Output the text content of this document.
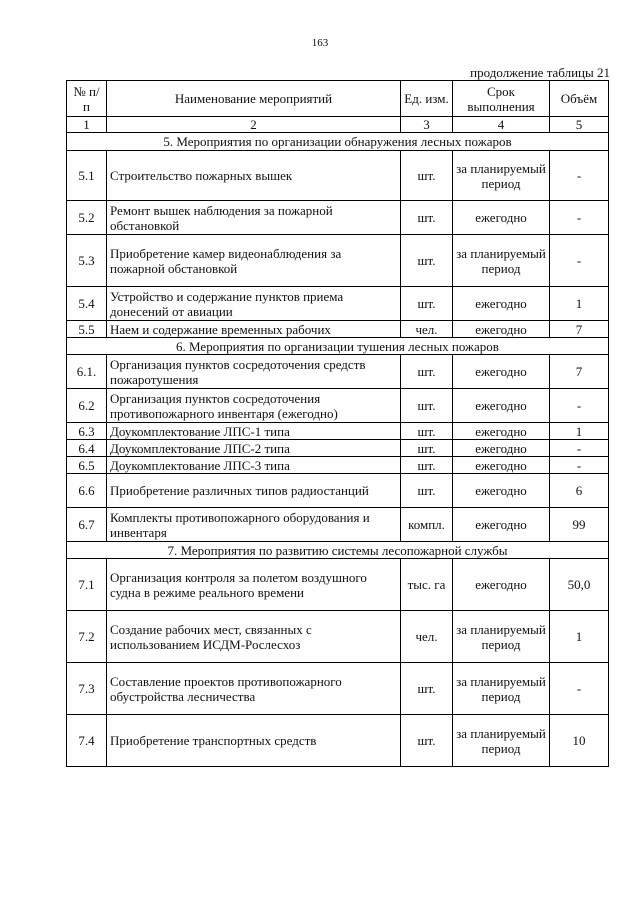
163
продолжение таблицы 21
№ п/п	Наименование мероприятий	Ед. изм.	Срок выполнения	Объём
1	2	3	4	5
5. Мероприятия по организации обнаружения лесных пожаров				
5.1	Строительство пожарных вышек	шт.	за планируемый период	-
5.2	Ремонт вышек наблюдения за пожарной обстановкой	шт.	ежегодно	-
5.3	Приобретение камер видеонаблюдения за пожарной обстановкой	шт.	за планируемый период	-
5.4	Устройство и содержание пунктов приема донесений от авиации	шт.	ежегодно	1
5.5	Наем и содержание временных рабочих	чел.	ежегодно	7
6. Мероприятия по организации тушения лесных пожаров				
6.1.	Организация пунктов сосредоточения средств пожаротушения	шт.	ежегодно	7
6.2	Организация пунктов сосредоточения противопожарного инвентаря (ежегодно)	шт.	ежегодно	-
6.3	Доукомплектование ЛПС-1 типа	шт.	ежегодно	1
6.4	Доукомплектование ЛПС-2 типа	шт.	ежегодно	-
6.5	Доукомплектование ЛПС-3 типа	шт.	ежегодно	-
6.6	Приобретение различных типов радиостанций	шт.	ежегодно	6
6.7	Комплекты противопожарного оборудования и инвентаря	компл.	ежегодно	99
7. Мероприятия по развитию системы лесопожарной службы				
7.1	Организация контроля за полетом воздушного судна в режиме реального времени	тыс. га	ежегодно	50,0
7.2	Создание рабочих мест, связанных с использованием ИСДМ-Рослесхоз	чел.	за планируемый период	1
7.3	Составление проектов противопожарного обустройства лесничества	шт.	за планируемый период	-
7.4	Приобретение транспортных средств	шт.	за планируемый период	10
